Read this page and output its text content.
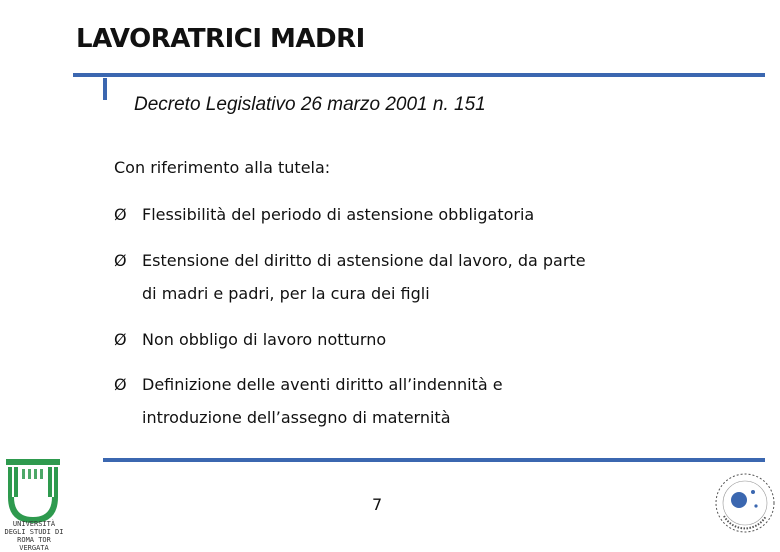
LAVORATRICI MADRI
Decreto Legislativo 26 marzo 2001 n. 151
Con riferimento alla tutela:
Ø Flessibilità del periodo di astensione obbligatoria
Ø Estensione del diritto di astensione dal lavoro, da parte
di madri e padri, per la cura dei figli
Ø Non obbligo di lavoro notturno
Ø Definizione delle aventi diritto all’indennità e
introduzione dell’assegno di maternità
7
UNIVERSITÀ DEGLI STUDI DI ROMA TOR VERGATA
